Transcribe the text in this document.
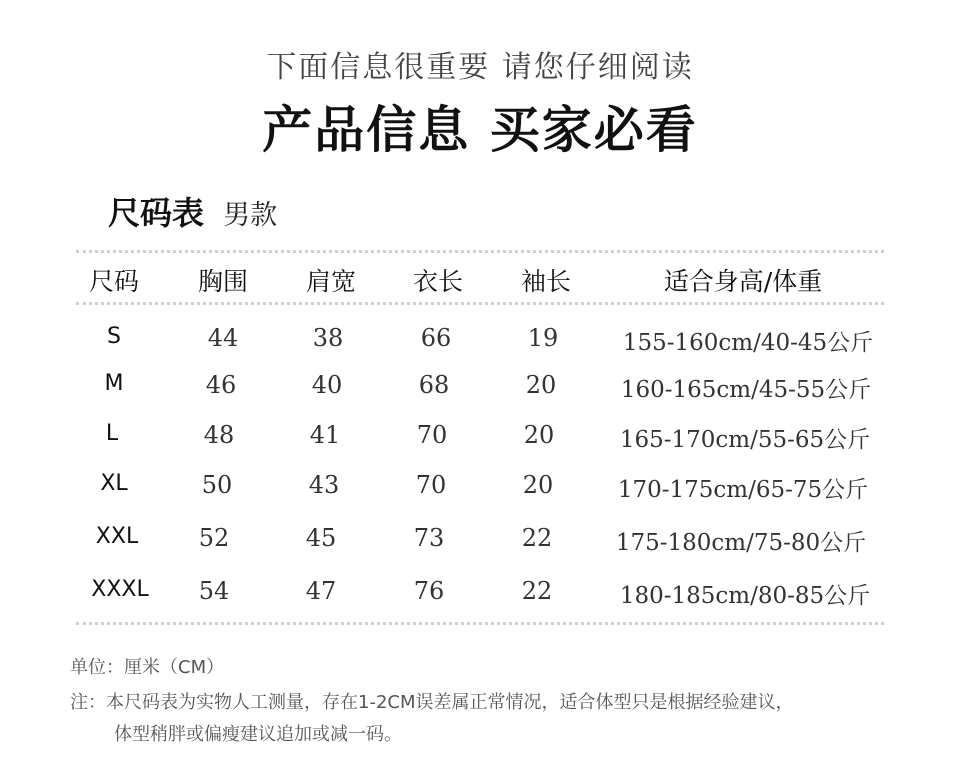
下面信息很重要 请您仔细阅读
产品信息 买家必看
尺码表 男款
尺码 胸围 肩宽 衣长 袖长	适合身高/体重
S	44	38	66	19	155-160cm/40-45公斤
M	46	40	68	20	160-165cm/45-55公斤
L	48	41	70	20	165-170cm/55-65公斤
XL	50	43	70	20	170-175cm/65-75公斤
XXL	52	45	73	22	175-180cm/75-80公斤
XXXL 54	47	76	22	180-185cm/80-85公斤
单位：厘米（CM）
注：本尺码表为实物人工测量，存在1-2CM误差属正常情况，适合体型只是根据经验建议，
体型稍胖或偏瘦建议追加或减一码。
